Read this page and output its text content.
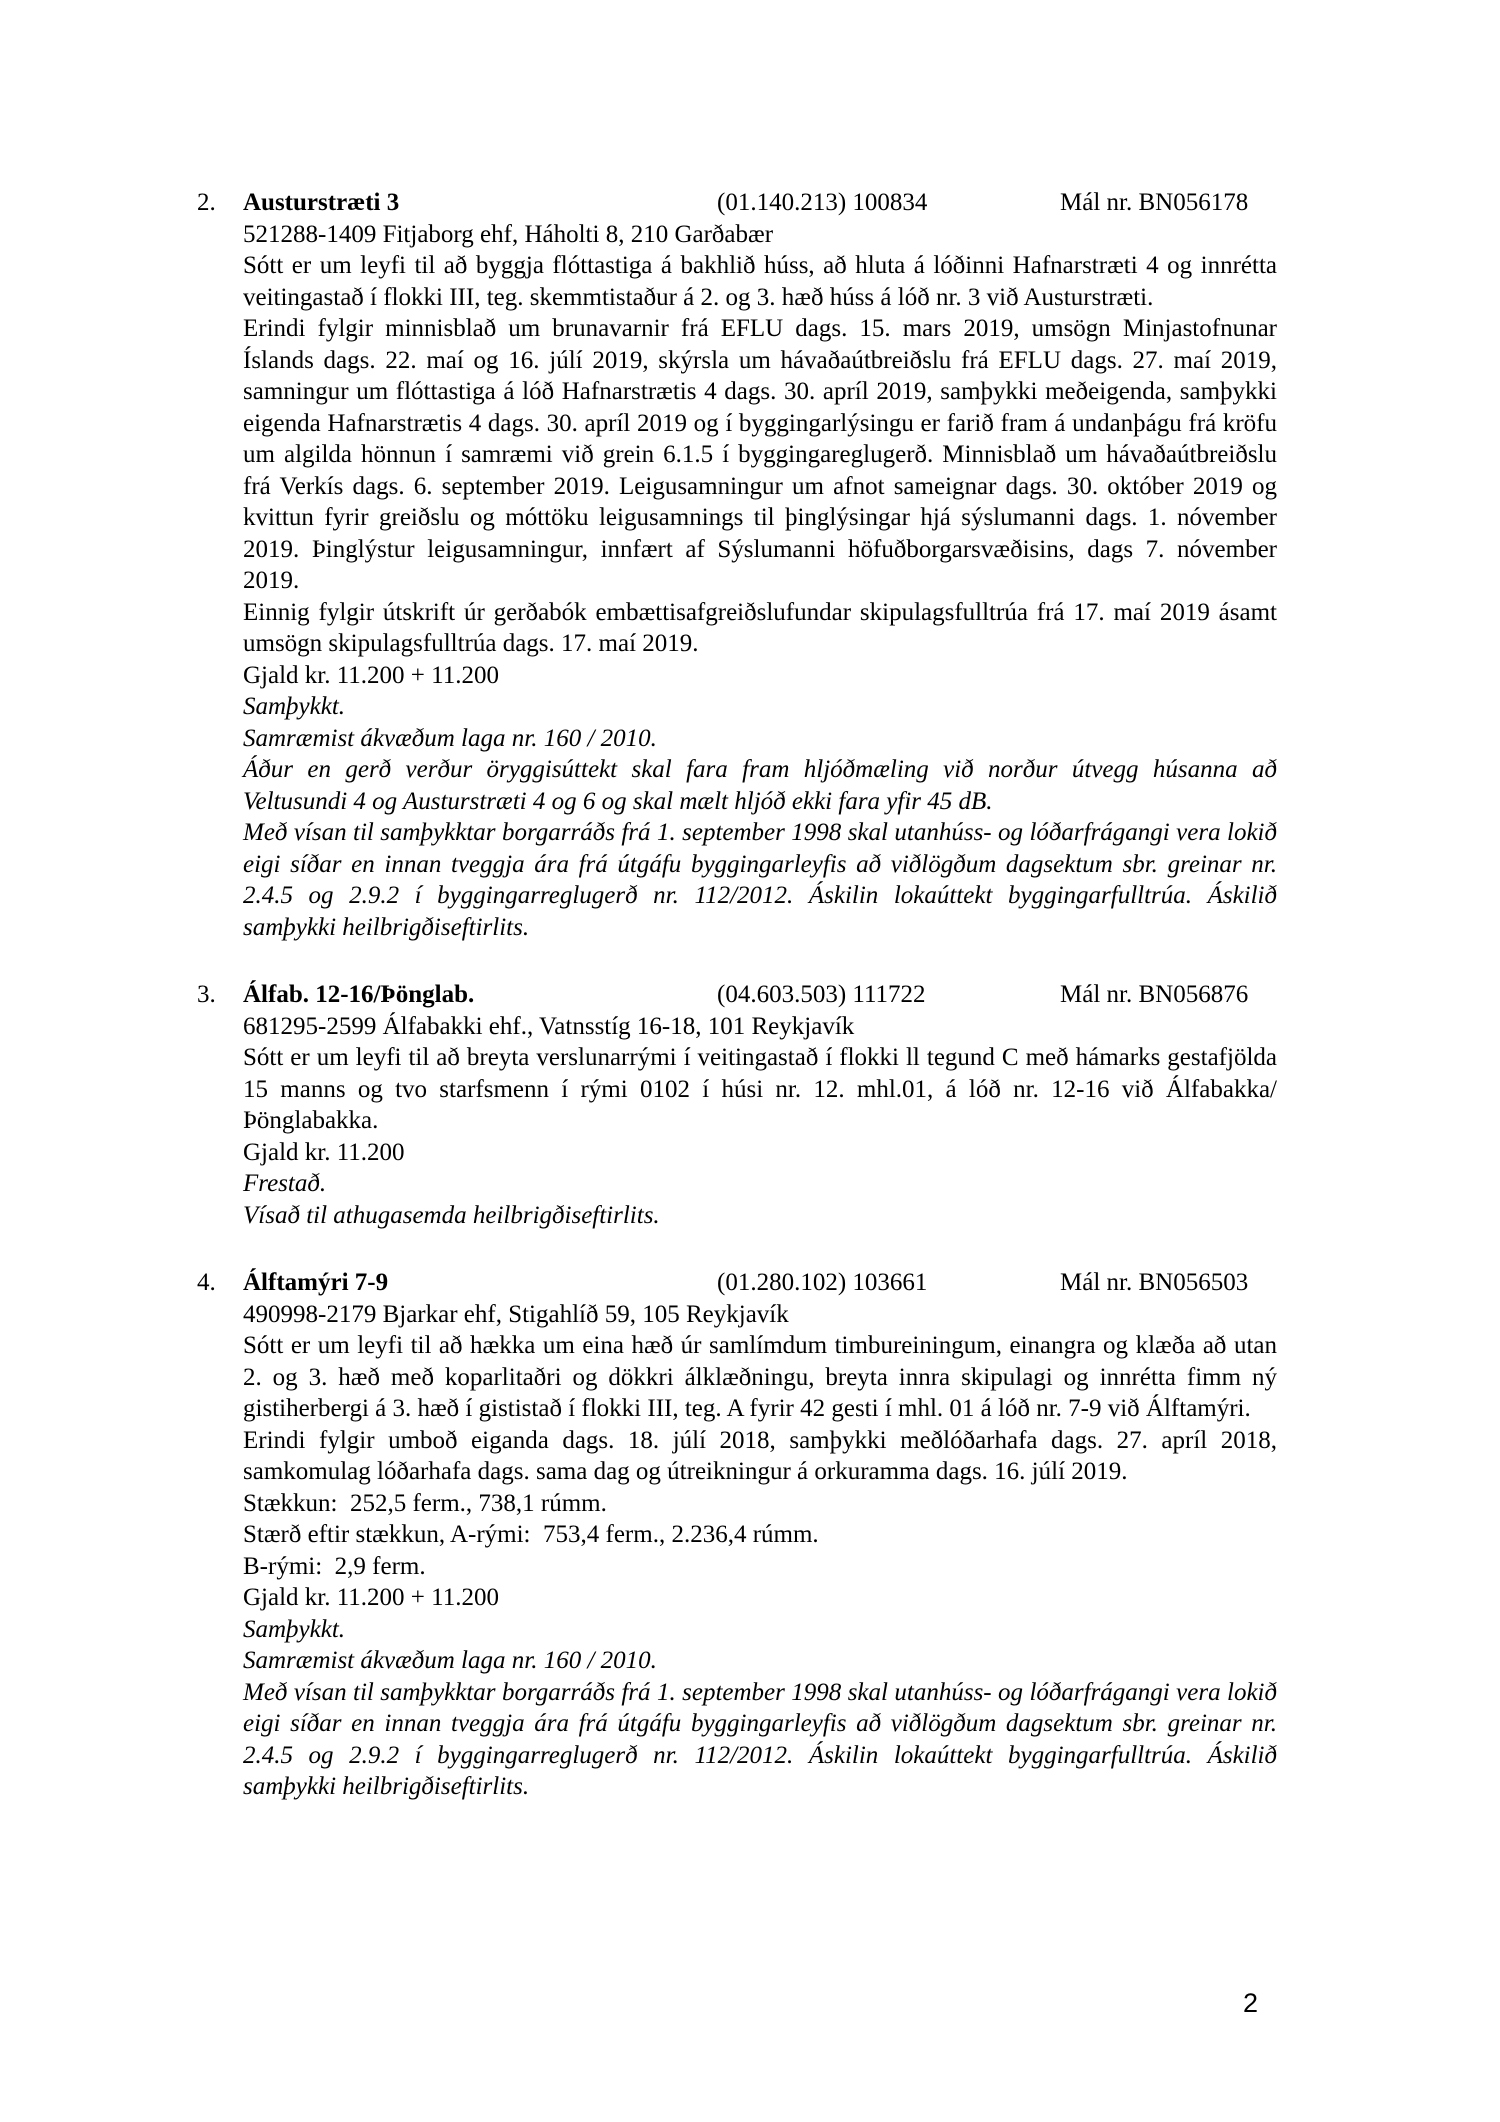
2.	Austurstræti 3	(01.140.213) 100834	Mál nr. BN056178
521288-1409 Fitjaborg ehf, Háholti 8, 210 Garðabær

Sótt er um leyfi til að byggja flóttastiga á bakhlið húss, að hluta á lóðinni Hafnarstræti 4 og innrétta veitingastað í flokki III, teg. skemmtistaður á 2. og 3. hæð húss á lóð nr. 3 við Austurstræti.

Erindi fylgir minnisblað um brunavarnir frá EFLU dags. 15. mars 2019, umsögn Minjastofnunar Íslands dags. 22. maí og 16. júlí 2019, skýrsla um hávaðaútbreiðslu frá EFLU dags. 27. maí 2019, samningur um flóttastiga á lóð Hafnarstrætis 4 dags. 30. apríl 2019, samþykki meðeigenda, samþykki eigenda Hafnarstrætis 4 dags. 30. apríl 2019 og í byggingarlýsingu er farið fram á undanþágu frá kröfu um algilda hönnun í samræmi við grein 6.1.5 í byggingareglugerð. Minnisblað um hávaðaútbreiðslu frá Verkís dags. 6. september 2019. Leigusamningur um afnot sameignar dags. 30. október 2019 og kvittun fyrir greiðslu og móttöku leigusamnings til þinglýsingar hjá sýslumanni dags. 1. nóvember 2019. Þinglýstur leigusamningur, innfært af Sýslumanni höfuðborgarsvæðisins, dags 7. nóvember 2019.

Einnig fylgir útskrift úr gerðabók embættisafgreiðslufundar skipulagsfulltrúa frá 17. maí 2019 ásamt umsögn skipulagsfulltrúa dags. 17. maí 2019.

Gjald kr. 11.200 + 11.200

Samþykkt.

Samræmist ákvæðum laga nr. 160 / 2010.

Áður en gerð verður öryggisúttekt skal fara fram hljóðmæling við norður útvegg húsanna að Veltusundi 4 og Austurstræti 4 og 6 og skal mælt hljóð ekki fara yfir 45 dB.

Með vísan til samþykktar borgarráðs frá 1. september 1998 skal utanhúss- og lóðarfrágangi vera lokið eigi síðar en innan tveggja ára frá útgáfu byggingarleyfis að viðlögðum dagsektum sbr. greinar nr. 2.4.5 og 2.9.2 í byggingarreglugerð nr. 112/2012. Áskilin lokaúttekt byggingarfulltrúa. Áskilið samþykki heilbrigðiseftirlits.

3.	Álfab. 12-16/Þönglab.	(04.603.503) 111722	Mál nr. BN056876
681295-2599 Álfabakki ehf., Vatnsstíg 16-18, 101 Reykjavík

Sótt er um leyfi til að breyta verslunarrými í veitingastað í flokki ll tegund C með hámarks gestafjölda 15 manns og tvo starfsmenn í rými 0102 í húsi nr. 12. mhl.01, á lóð nr. 12-16 við Álfabakka/Þönglabakka.

Gjald kr. 11.200

Frestað.

Vísað til athugasemda heilbrigðiseftirlits.

4.	Álftamýri 7-9	(01.280.102) 103661	Mál nr. BN056503
490998-2179 Bjarkar ehf, Stigahlíð 59, 105 Reykjavík

Sótt er um leyfi til að hækka um eina hæð úr samlímdum timbureiningum, einangra og klæða að utan 2. og 3. hæð með koparlitaðri og dökkri álklæðningu, breyta innra skipulagi og innrétta fimm ný gistiherbergi á 3. hæð í gististað í flokki III, teg. A fyrir 42 gesti í mhl. 01 á lóð nr. 7-9 við Álftamýri.

Erindi fylgir umboð eiganda dags. 18. júlí 2018, samþykki meðlóðarhafa dags. 27. apríl 2018, samkomulag lóðarhafa dags. sama dag og útreikningur á orkuramma dags. 16. júlí 2019.

Stækkun:  252,5 ferm., 738,1 rúmm.

Stærð eftir stækkun, A-rými:  753,4 ferm., 2.236,4 rúmm.

B-rými:  2,9 ferm.

Gjald kr. 11.200 + 11.200

Samþykkt.

Samræmist ákvæðum laga nr. 160 / 2010.

Með vísan til samþykktar borgarráðs frá 1. september 1998 skal utanhúss- og lóðarfrágangi vera lokið eigi síðar en innan tveggja ára frá útgáfu byggingarleyfis að viðlögðum dagsektum sbr. greinar nr. 2.4.5 og 2.9.2 í byggingarreglugerð nr. 112/2012. Áskilin lokaúttekt byggingarfulltrúa. Áskilið samþykki heilbrigðiseftirlits.

2
